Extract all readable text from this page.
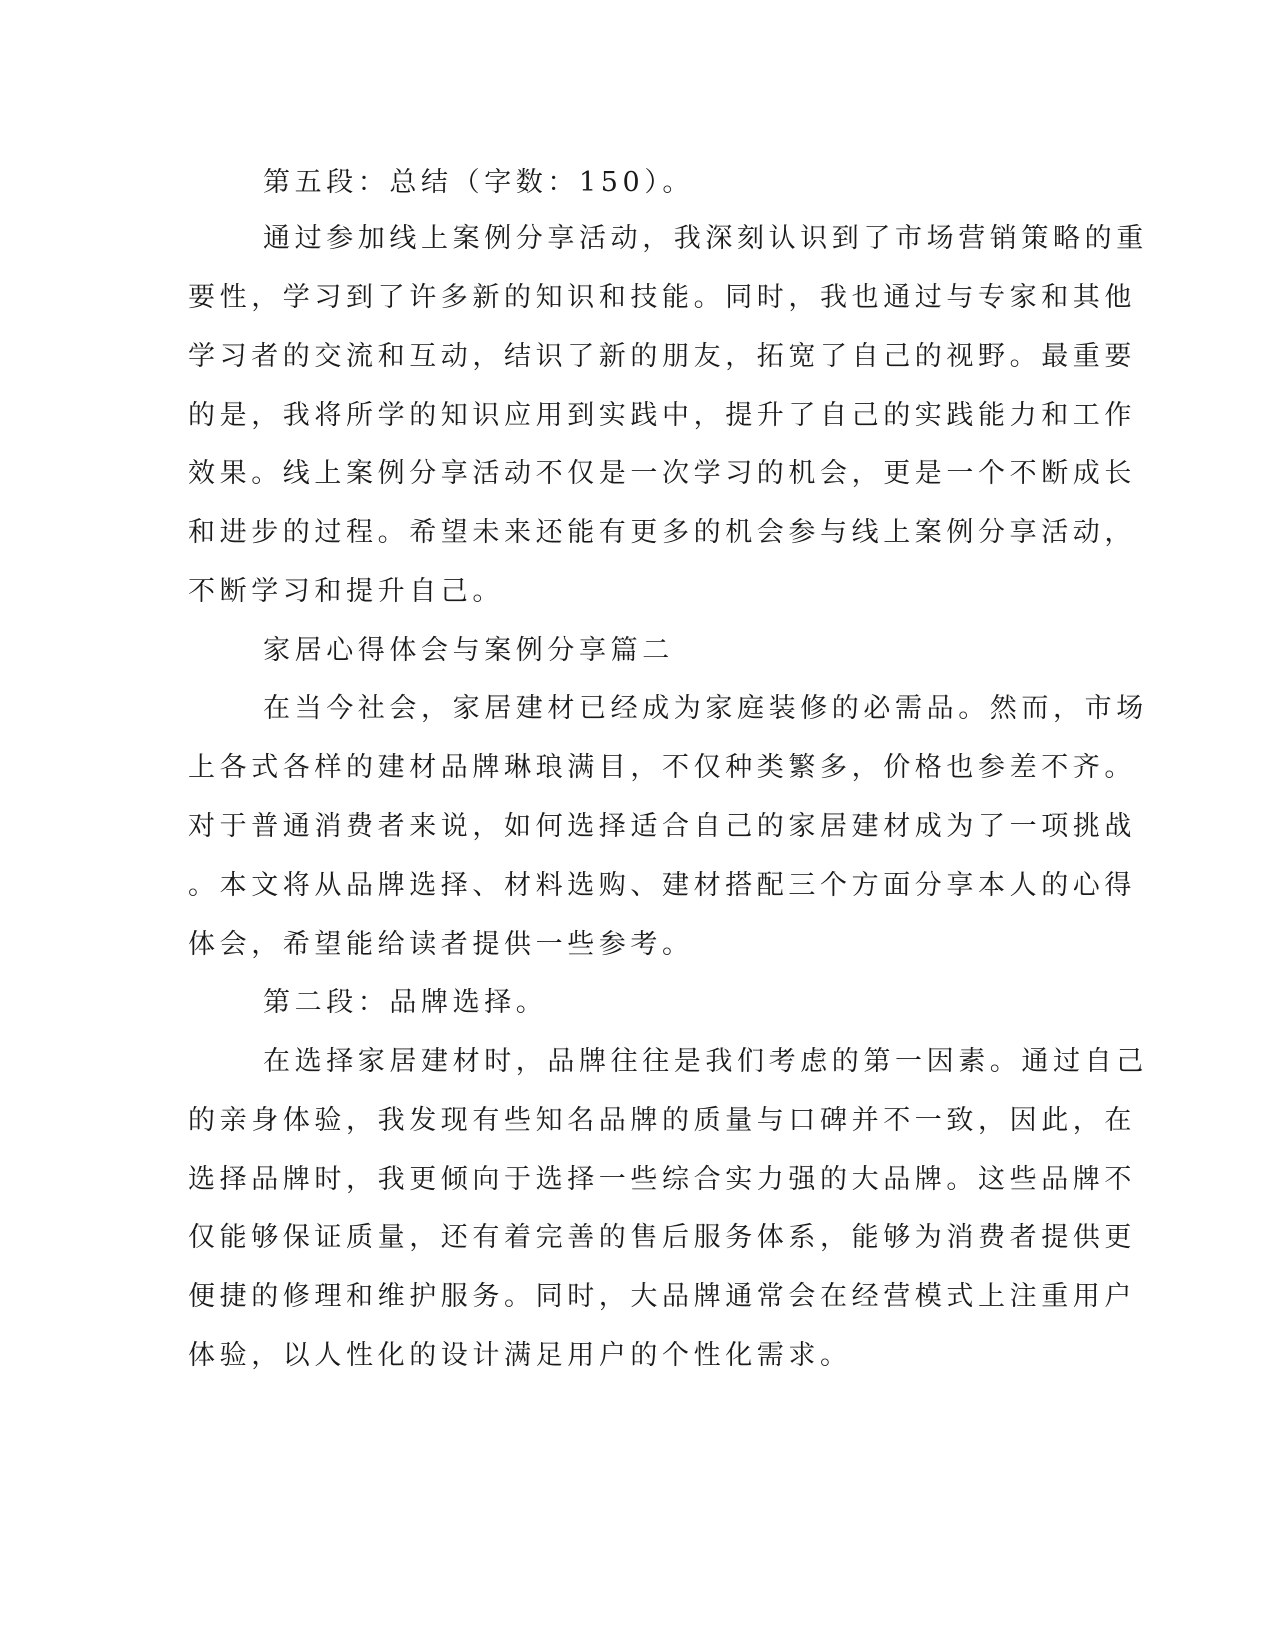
第五段：总结（字数：150）。
通过参加线上案例分享活动，我深刻认识到了市场营销策略的重
要性，学习到了许多新的知识和技能。同时，我也通过与专家和其他
学习者的交流和互动，结识了新的朋友，拓宽了自己的视野。最重要
的是，我将所学的知识应用到实践中，提升了自己的实践能力和工作
效果。线上案例分享活动不仅是一次学习的机会，更是一个不断成长
和进步的过程。希望未来还能有更多的机会参与线上案例分享活动，
不断学习和提升自己。
家居心得体会与案例分享篇二
在当今社会，家居建材已经成为家庭装修的必需品。然而，市场
上各式各样的建材品牌琳琅满目，不仅种类繁多，价格也参差不齐。
对于普通消费者来说，如何选择适合自己的家居建材成为了一项挑战
。本文将从品牌选择、材料选购、建材搭配三个方面分享本人的心得
体会，希望能给读者提供一些参考。
第二段：品牌选择。
在选择家居建材时，品牌往往是我们考虑的第一因素。通过自己
的亲身体验，我发现有些知名品牌的质量与口碑并不一致，因此，在
选择品牌时，我更倾向于选择一些综合实力强的大品牌。这些品牌不
仅能够保证质量，还有着完善的售后服务体系，能够为消费者提供更
便捷的修理和维护服务。同时，大品牌通常会在经营模式上注重用户
体验，以人性化的设计满足用户的个性化需求。
